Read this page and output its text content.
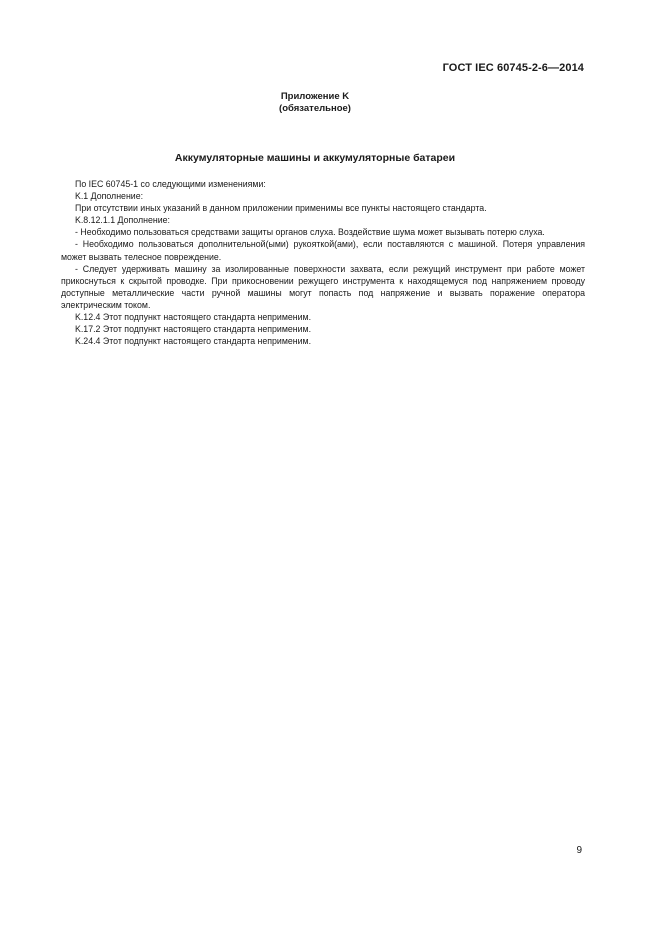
ГОСТ IEC 60745-2-6—2014
Приложение K
(обязательное)
Аккумуляторные машины и аккумуляторные батареи

По IEC 60745-1 со следующими изменениями:

K.1 Дополнение:

При отсутствии иных указаний в данном приложении применимы все пункты настоящего стандарта.

K.8.12.1.1 Дополнение:

- Необходимо пользоваться средствами защиты органов слуха. Воздействие шума может вызывать потерю слуха.

- Необходимо пользоваться дополнительной(ыми) рукояткой(ами), если поставляются с машиной. Потеря управления может вызвать телесное повреждение.

- Следует удерживать машину за изолированные поверхности захвата, если режущий инструмент при работе может прикоснуться к скрытой проводке. При прикосновении режущего инструмента к находящемуся под напряжением проводу доступные металлические части ручной машины могут попасть под напряжение и вызвать поражение оператора электрическим током.

K.12.4 Этот подпункт настоящего стандарта неприменим.

K.17.2 Этот подпункт настоящего стандарта неприменим.

K.24.4 Этот подпункт настоящего стандарта неприменим.

9
